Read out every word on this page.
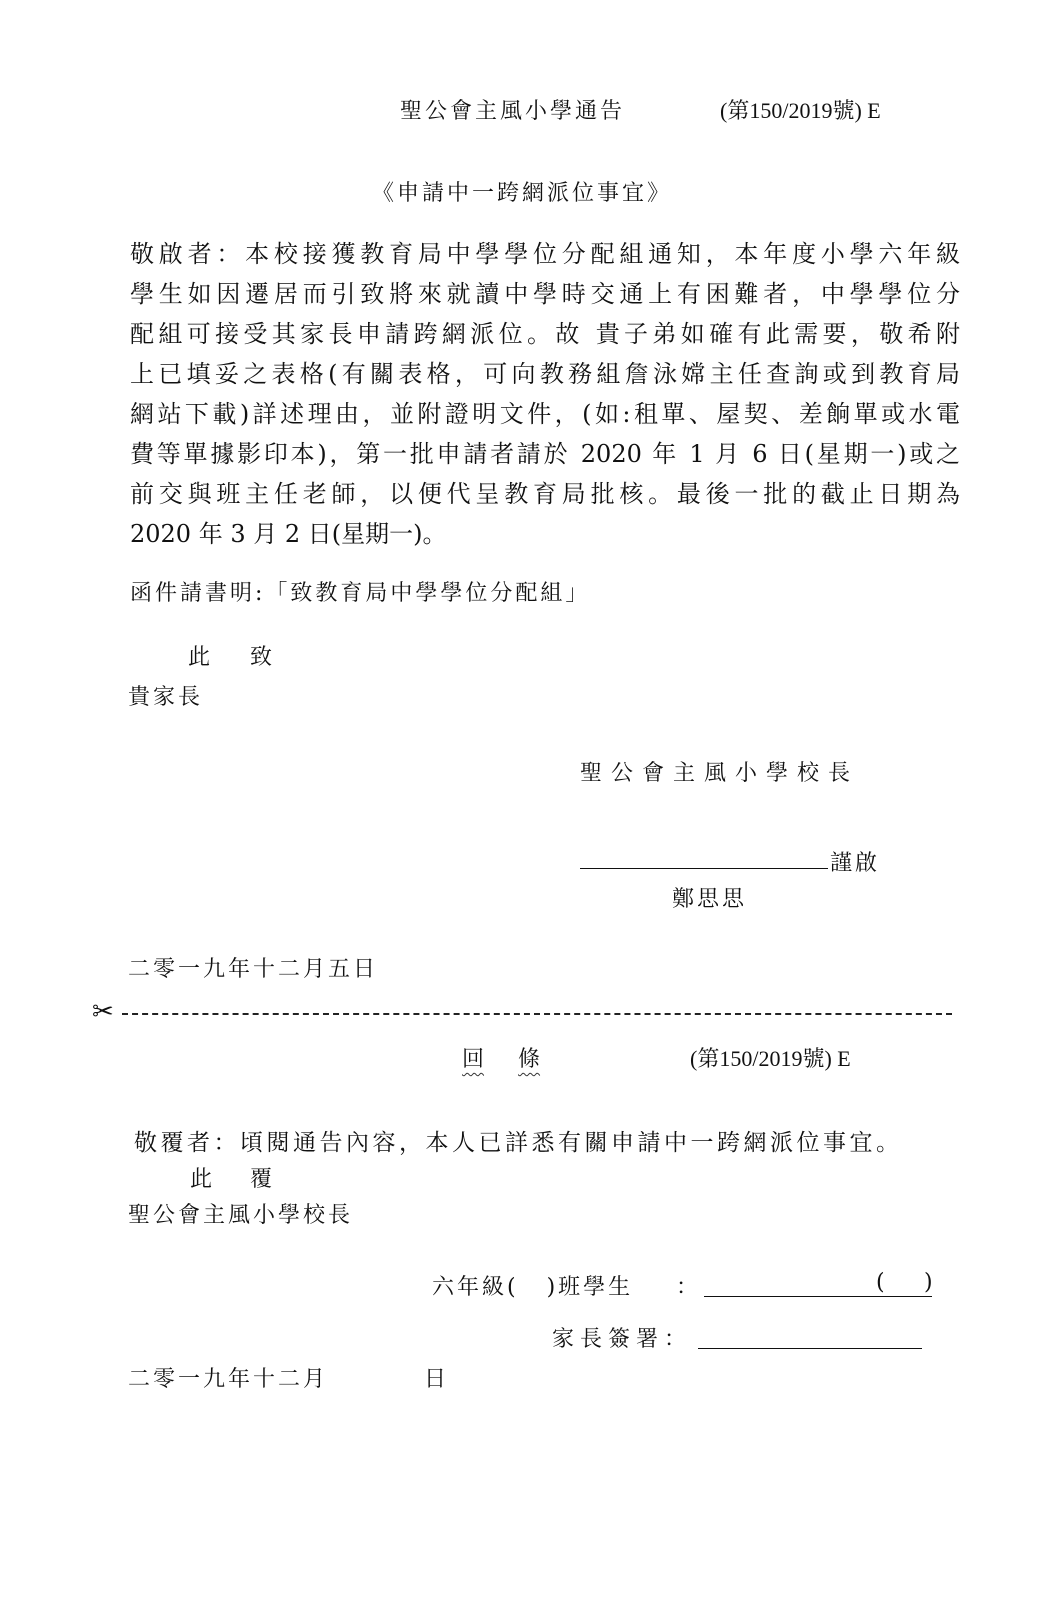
聖公會主風小學通告	(第150/2019號) E
《申請中一跨網派位事宜》
敬啟者：本校接獲教育局中學學位分配組通知，本年度小學六年級
學生如因遷居而引致將來就讀中學時交通上有困難者，中學學位分
配組可接受其家長申請跨網派位。故 貴子弟如確有此需要，敬希附
上已填妥之表格(有關表格，可向教務組詹泳嫦主任查詢或到教育局
網站下載)詳述理由，並附證明文件，(如:租單、屋契、差餉單或水電
費等單據影印本)，第一批申請者請於 2020 年 1 月 6 日(星期一)或之
前交與班主任老師，以便代呈教育局批核。最後一批的截止日期為
2020 年 3 月 2 日(星期一)。
函件請書明:「致教育局中學學位分配組」
此 致
貴家長
聖公會主風小學校長
謹啟
鄭思思
二零一九年十二月五日
✂
回 條	(第150/2019號) E
敬覆者：頃閱通告內容，本人已詳悉有關申請中一跨網派位事宜。
此 覆
聖公會主風小學校長
六年級( )班學生 ：	( )
家長簽署：
二零一九年十二月	日
